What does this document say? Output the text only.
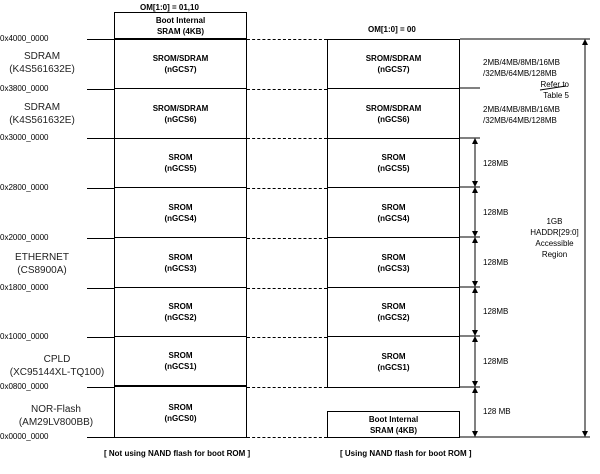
OM[1:0] = 01,10
OM[1:0] = 00
0x4000_0000
0x3800_0000
0x3000_0000
0x2800_0000
0x2000_0000
0x1800_0000
0x1000_0000
0x0800_0000
0x0000_0000
SDRAM
(K4S561632E)
SDRAM
(K4S561632E)
ETHERNET
(CS8900A)
CPLD
(XC95144XL-TQ100)
NOR-Flash
(AM29LV800BB)
Boot Internal
SRAM (4KB)
SROM/SDRAM
(nGCS7)
SROM/SDRAM
(nGCS6)
SROM
(nGCS5)
SROM
(nGCS4)
SROM
(nGCS3)
SROM
(nGCS2)
SROM
(nGCS1)
SROM
(nGCS0)
SROM/SDRAM
(nGCS7)
SROM/SDRAM
(nGCS6)
SROM
(nGCS5)
SROM
(nGCS4)
SROM
(nGCS3)
SROM
(nGCS2)
SROM
(nGCS1)
Boot Internal
SRAM (4KB)
2MB/4MB/8MB/16MB
/32MB/64MB/128MB
Refer to
Table 5
2MB/4MB/8MB/16MB
/32MB/64MB/128MB
128MB
128MB
128MB
128MB
128MB
128 MB
1GB
HADDR[29:0]
Accessible
Region
[ Not using NAND flash for boot ROM ]	[ Using NAND flash for boot ROM ]
